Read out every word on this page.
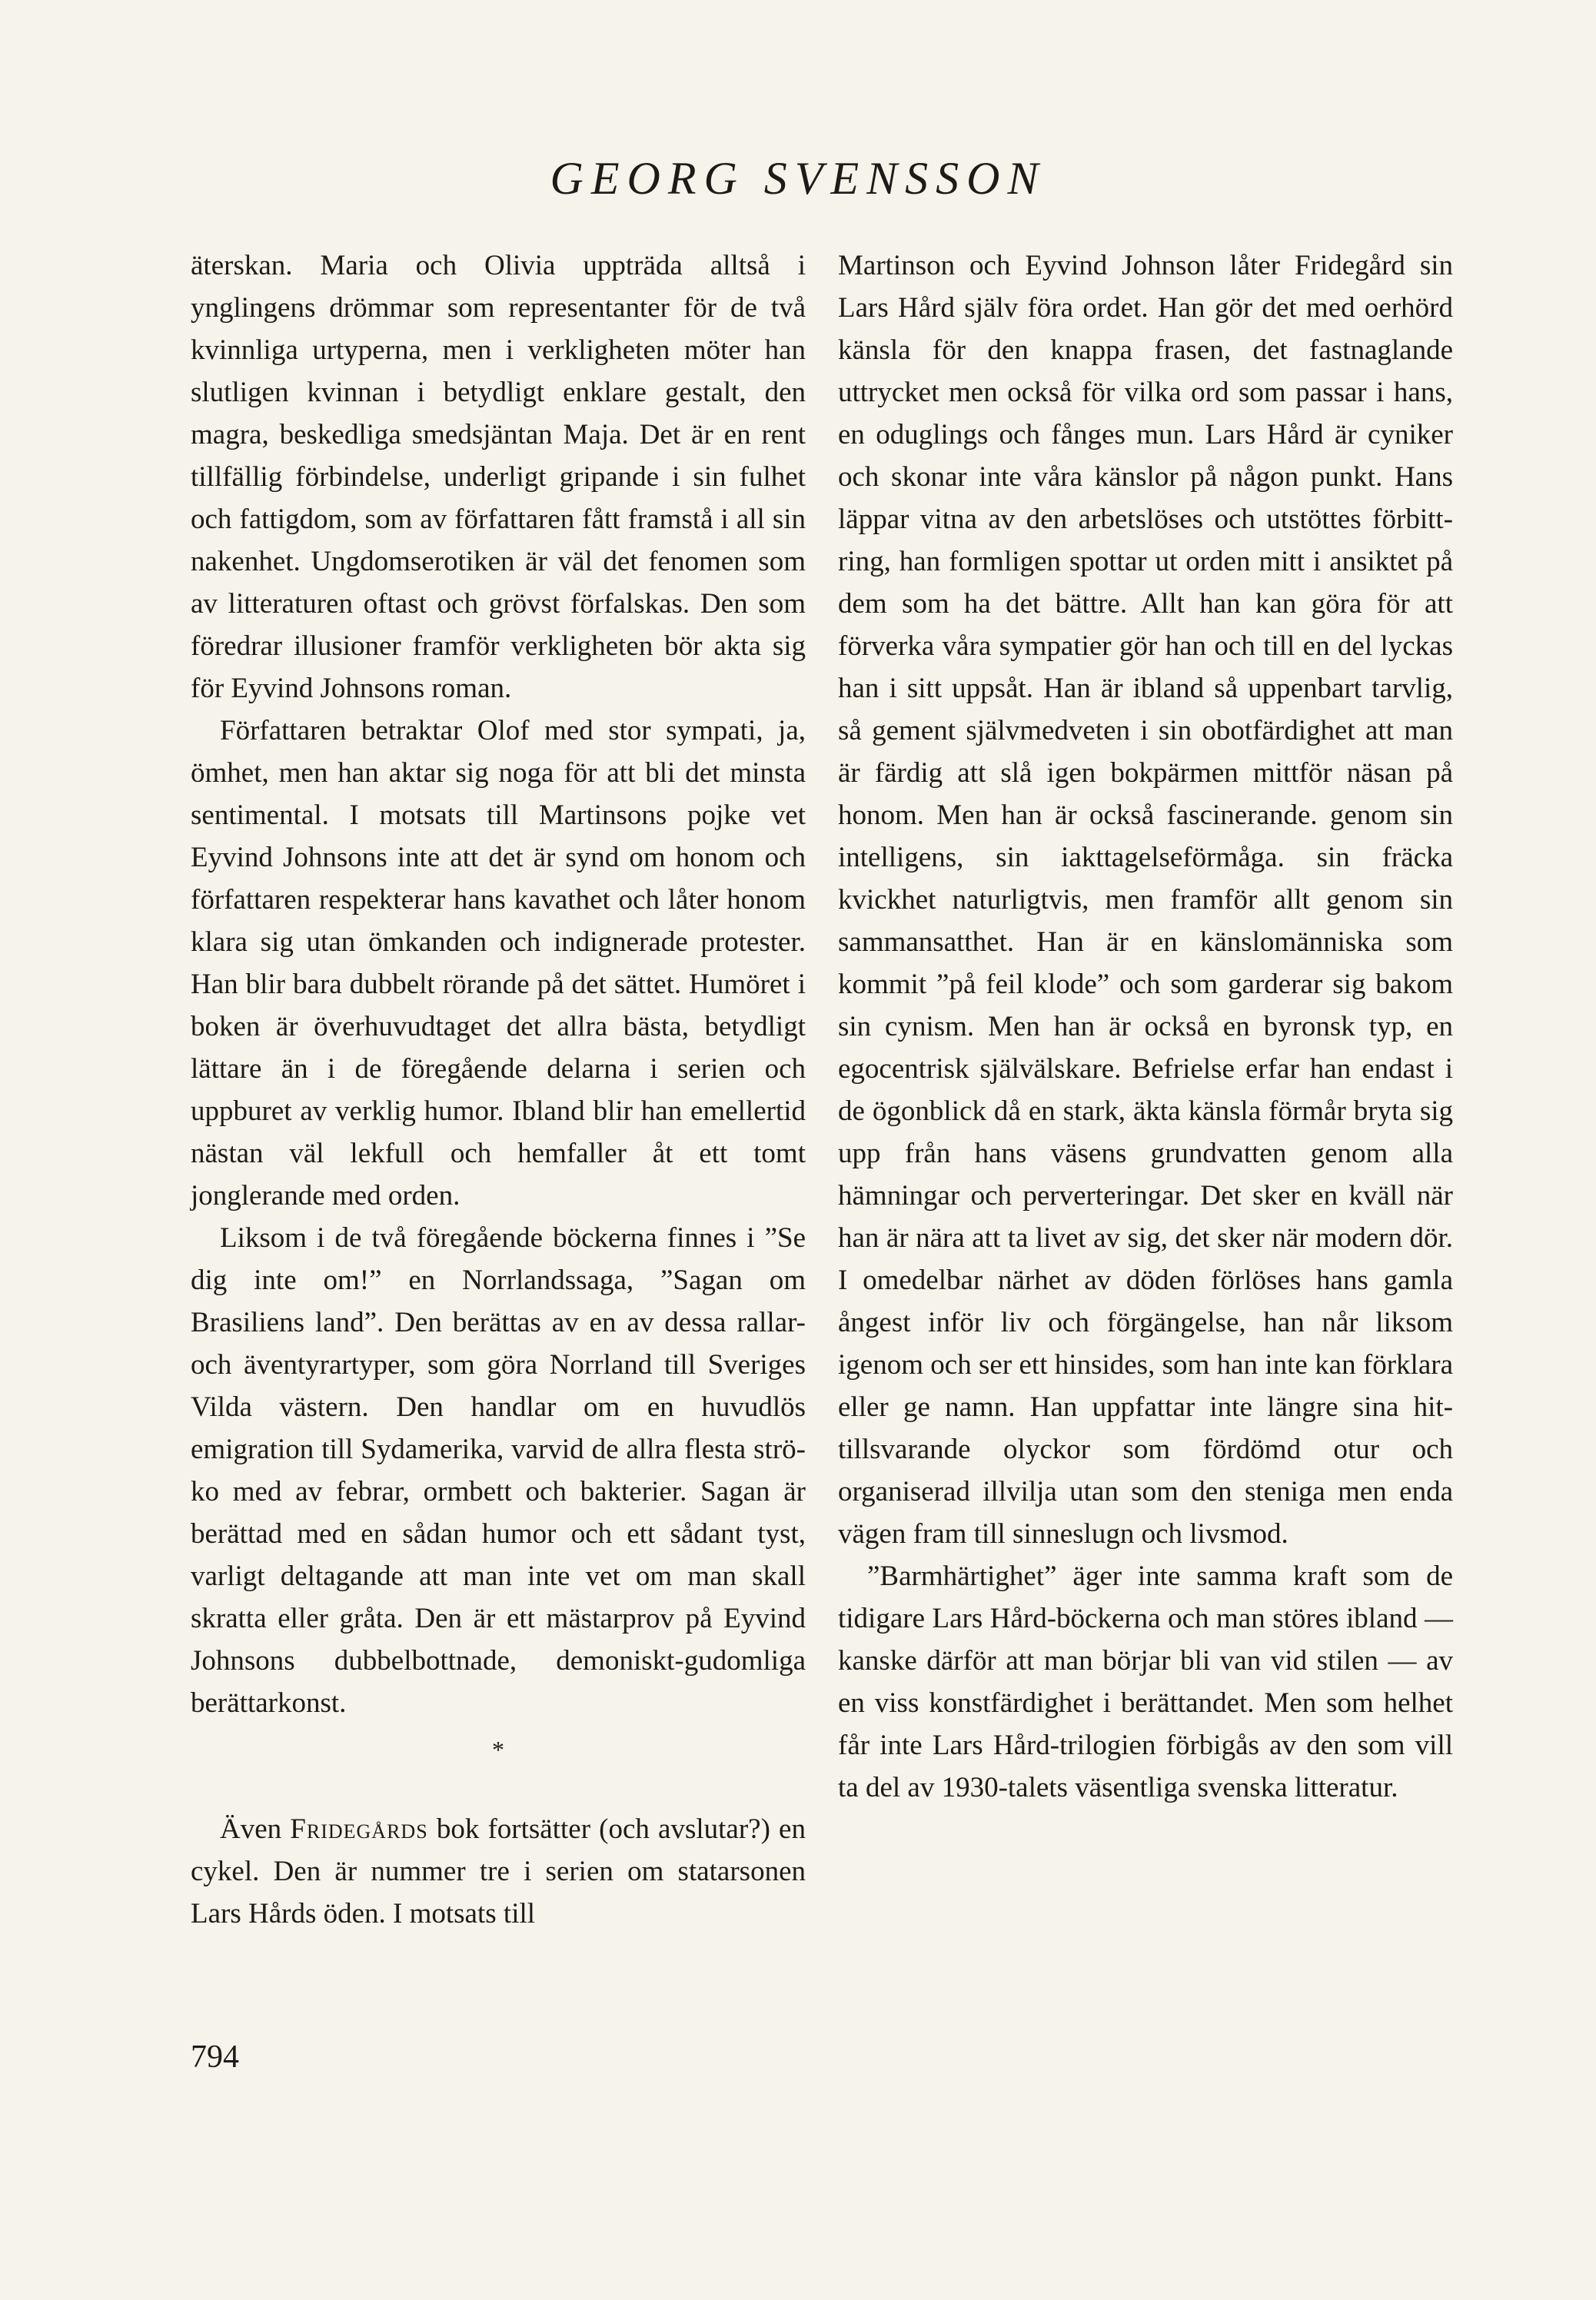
GEORG SVENSSON

äterskan. Maria och Olivia uppträda alltså i ynglingens drömmar som representanter för de två kvinnliga urtyperna, men i verkligheten möter han slutligen kvinnan i betydligt enklare gestalt, den magra, beskedliga smedsjäntan Maja. Det är en rent tillfällig förbindelse, underligt gripande i sin fulhet och fattigdom, som av författaren fått framstå i all sin nakenhet. Ungdomserotiken är väl det fenomen som av litteraturen oftast och grövst förfalskas. Den som föredrar illusioner framför verkligheten bör akta sig för Eyvind Johnsons roman.

Författaren betraktar Olof med stor sympati, ja, ömhet, men han aktar sig noga för att bli det minsta sentimental. I motsats till Martinsons pojke vet Eyvind Johnsons inte att det är synd om honom och författaren respekterar hans kavathet och låter honom klara sig utan ömkanden och indignerade protester. Han blir bara dubbelt rörande på det sättet. Humöret i boken är överhuvudtaget det allra bästa, betydligt lättare än i de föregående delarna i serien och uppburet av verklig humor. Ibland blir han emellertid nästan väl lekfull och hemfaller åt ett tomt jonglerande med orden.

Liksom i de två föregående böckerna finnes i ”Se dig inte om!” en Norrlandssaga, ”Sagan om Brasiliens land”. Den berättas av en av dessa rallar- och äventyrartyper, som göra Norrland till Sveriges Vilda västern. Den handlar om en huvudlös emigration till Sydamerika, varvid de allra flesta ströko med av febrar, ormbett och bakterier. Sagan är berättad med en sådan humor och ett sådant tyst, varligt deltagande att man inte vet om man skall skratta eller gråta. Den är ett mästarprov på Eyvind Johnsons dubbelbottnade, demoniskt-gudomliga berättarkonst.

*

Även Fridegårds bok fortsätter (och avslutar?) en cykel. Den är nummer tre i serien om statarsonen Lars Hårds öden. I motsats till

Martinson och Eyvind Johnson låter Fridegård sin Lars Hård själv föra ordet. Han gör det med oerhörd känsla för den knappa frasen, det fastnaglande uttrycket men också för vilka ord som passar i hans, en oduglings och fånges mun. Lars Hård är cyniker och skonar inte våra känslor på någon punkt. Hans läppar vitna av den arbetslöses och utstöttes förbittring, han formligen spottar ut orden mitt i ansiktet på dem som ha det bättre. Allt han kan göra för att förverka våra sympatier gör han och till en del lyckas han i sitt uppsåt. Han är ibland så uppenbart tarvlig, så gement självmedveten i sin obotfärdighet att man är färdig att slå igen bokpärmen mittför näsan på honom. Men han är också fascinerande. genom sin intelligens, sin iakttagelseförmåga. sin fräcka kvickhet naturligtvis, men framför allt genom sin sammansatthet. Han är en känslomänniska som kommit ”på feil klode” och som garderar sig bakom sin cynism. Men han är också en byronsk typ, en egocentrisk självälskare. Befrielse erfar han endast i de ögonblick då en stark, äkta känsla förmår bryta sig upp från hans väsens grundvatten genom alla hämningar och perverteringar. Det sker en kväll när han är nära att ta livet av sig, det sker när modern dör. I omedelbar närhet av döden förlöses hans gamla ångest inför liv och förgängelse, han når liksom igenom och ser ett hinsides, som han inte kan förklara eller ge namn. Han uppfattar inte längre sina hittillsvarande olyckor som fördömd otur och organiserad illvilja utan som den steniga men enda vägen fram till sinneslugn och livsmod.

”Barmhärtighet” äger inte samma kraft som de tidigare Lars Hård-böckerna och man störes ibland — kanske därför att man börjar bli van vid stilen — av en viss konstfärdighet i berättandet. Men som helhet får inte Lars Hård-trilogien förbigås av den som vill ta del av 1930-talets väsentliga svenska litteratur.

794
